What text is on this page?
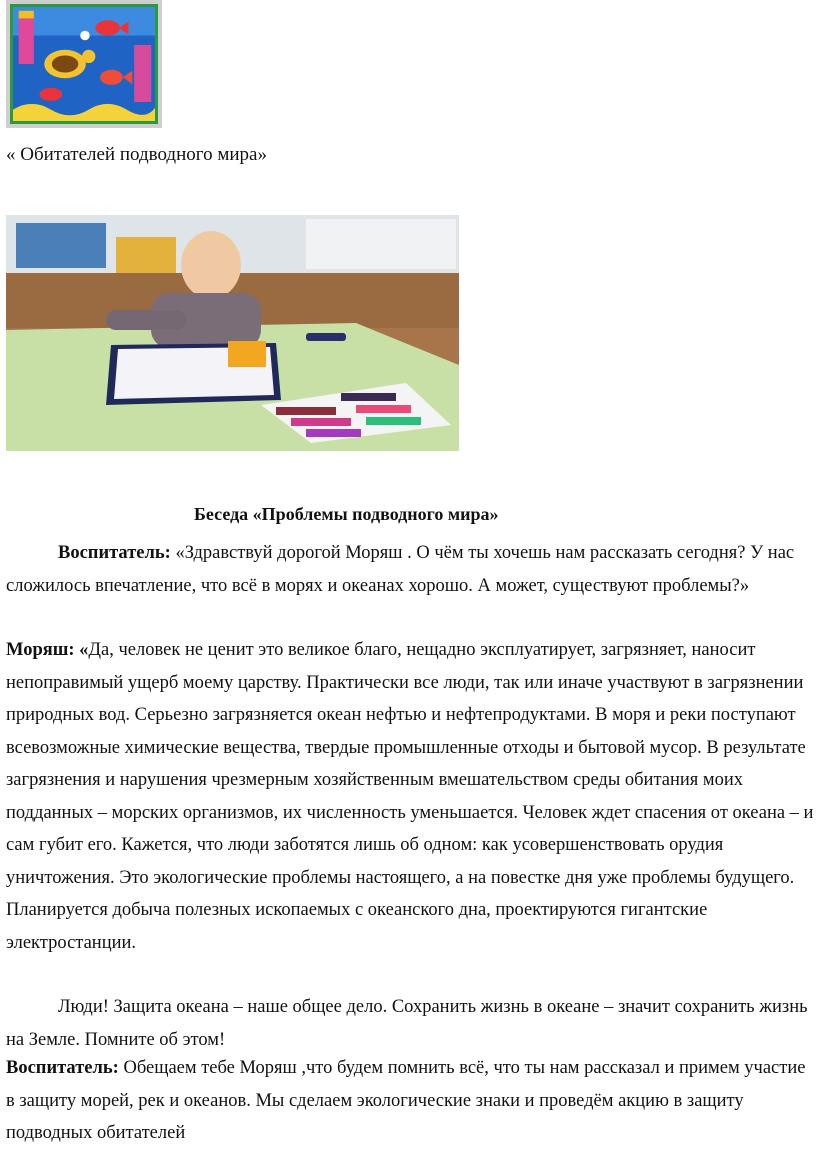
« Обитателей подводного мира»
Беседа «Проблемы подводного мира»
Воспитатель: «Здравствуй дорогой Моряш . О чём ты хочешь нам рассказать сегодня? У нас сложилось впечатление, что всё в морях и океанах хорошо. А может, существуют проблемы?»
Моряш: «Да, человек не ценит это великое благо, нещадно эксплуатирует, загрязняет, наносит непоправимый ущерб моему царству. Практически все люди, так или иначе участвуют в загрязнении природных вод. Серьезно загрязняется океан нефтью и нефтепродуктами. В моря и реки поступают всевозможные химические вещества, твердые промышленные отходы и бытовой мусор. В результате загрязнения и нарушения чрезмерным хозяйственным вмешательством среды обитания моих подданных – морских организмов, их численность уменьшается. Человек ждет спасения от океана – и сам губит его. Кажется, что люди заботятся лишь об одном: как усовершенствовать орудия уничтожения. Это экологические проблемы настоящего, а на повестке дня уже проблемы будущего. Планируется добыча полезных ископаемых с океанского дна, проектируются гигантские электростанции.
Люди! Защита океана – наше общее дело. Сохранить жизнь в океане – значит сохранить жизнь на Земле. Помните об этом!
Воспитатель: Обещаем тебе Моряш ,что будем помнить всё, что ты нам рассказал и примем участие в защиту морей, рек и океанов. Мы сделаем экологические знаки и проведём акцию в защиту подводных обитателей
